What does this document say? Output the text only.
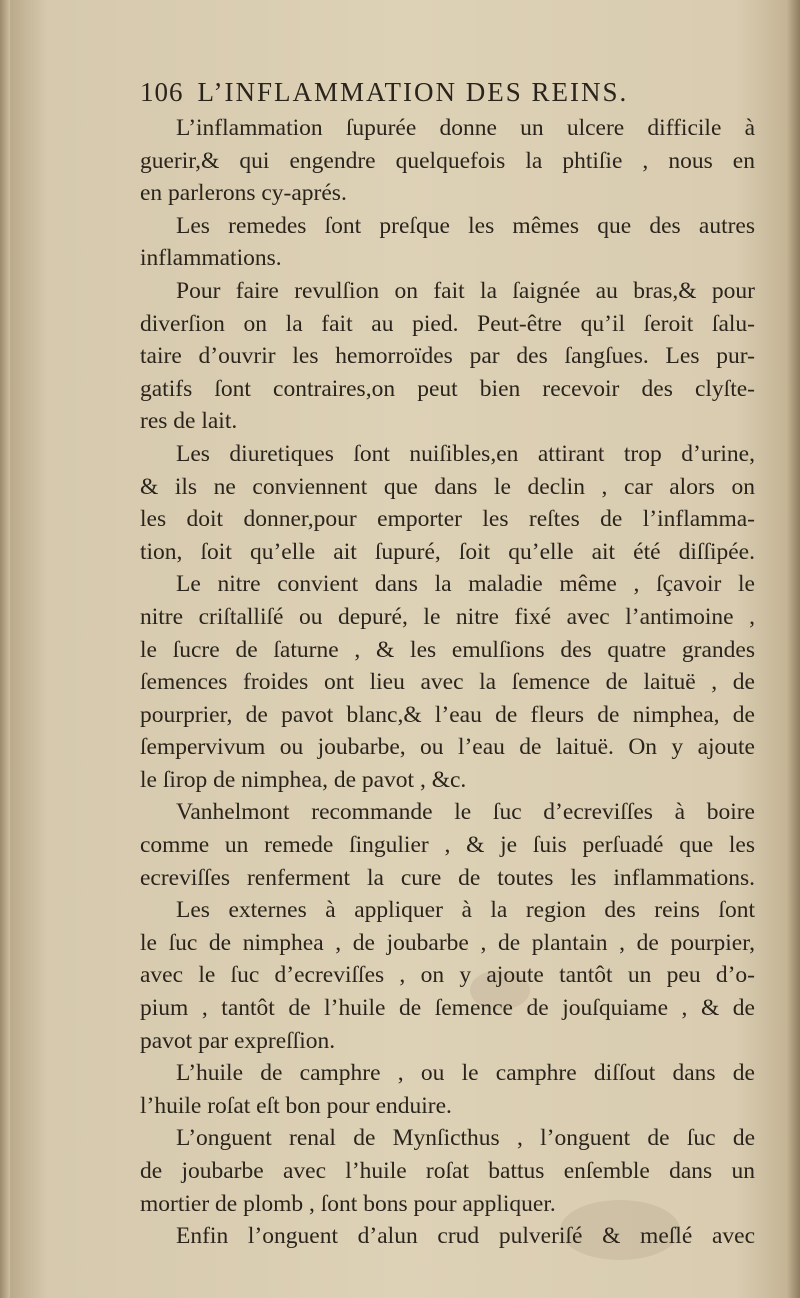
106 L’INFLAMMATION DES REINS.
L’inflammation ſupurée donne un ulcere difficile à
guerir,& qui engendre quelquefois la phtiſie , nous en
en parlerons cy-aprés.
Les remedes ſont preſque les mêmes que des autres
inflammations.
Pour faire revulſion on fait la ſaignée au bras,& pour
diverſion on la fait au pied. Peut-être qu’il ſeroit ſalu-
taire d’ouvrir les hemorroïdes par des ſangſues. Les pur-
gatifs ſont contraires,on peut bien recevoir des clyſte-
res de lait.
Les diuretiques ſont nuiſibles,en attirant trop d’urine,
& ils ne conviennent que dans le declin , car alors on
les doit donner,pour emporter les reſtes de l’inflamma-
tion, ſoit qu’elle ait ſupuré, ſoit qu’elle ait été diſſipée.
Le nitre convient dans la maladie même , ſçavoir le
nitre criſtalliſé ou depuré, le nitre fixé avec l’antimoine ,
le ſucre de ſaturne , & les emulſions des quatre grandes
ſemences froides ont lieu avec la ſemence de laituë , de
pourprier, de pavot blanc,& l’eau de fleurs de nimphea, de
ſempervivum ou joubarbe, ou l’eau de laituë. On y ajoute
le ſirop de nimphea, de pavot , &c.
Vanhelmont recommande le ſuc d’ecreviſſes à boire
comme un remede ſingulier , & je ſuis perſuadé que les
ecreviſſes renferment la cure de toutes les inflammations.
Les externes à appliquer à la region des reins ſont
le ſuc de nimphea , de joubarbe , de plantain , de pourpier,
avec le ſuc d’ecreviſſes , on y ajoute tantôt un peu d’o-
pium , tantôt de l’huile de ſemence de jouſquiame , & de
pavot par expreſſion.
L’huile de camphre , ou le camphre diſſout dans de
l’huile roſat eſt bon pour enduire.
L’onguent renal de Mynſicthus , l’onguent de ſuc de
de joubarbe avec l’huile roſat battus enſemble dans un
mortier de plomb , ſont bons pour appliquer.
Enfin l’onguent d’alun crud pulveriſé & meſlé avec
